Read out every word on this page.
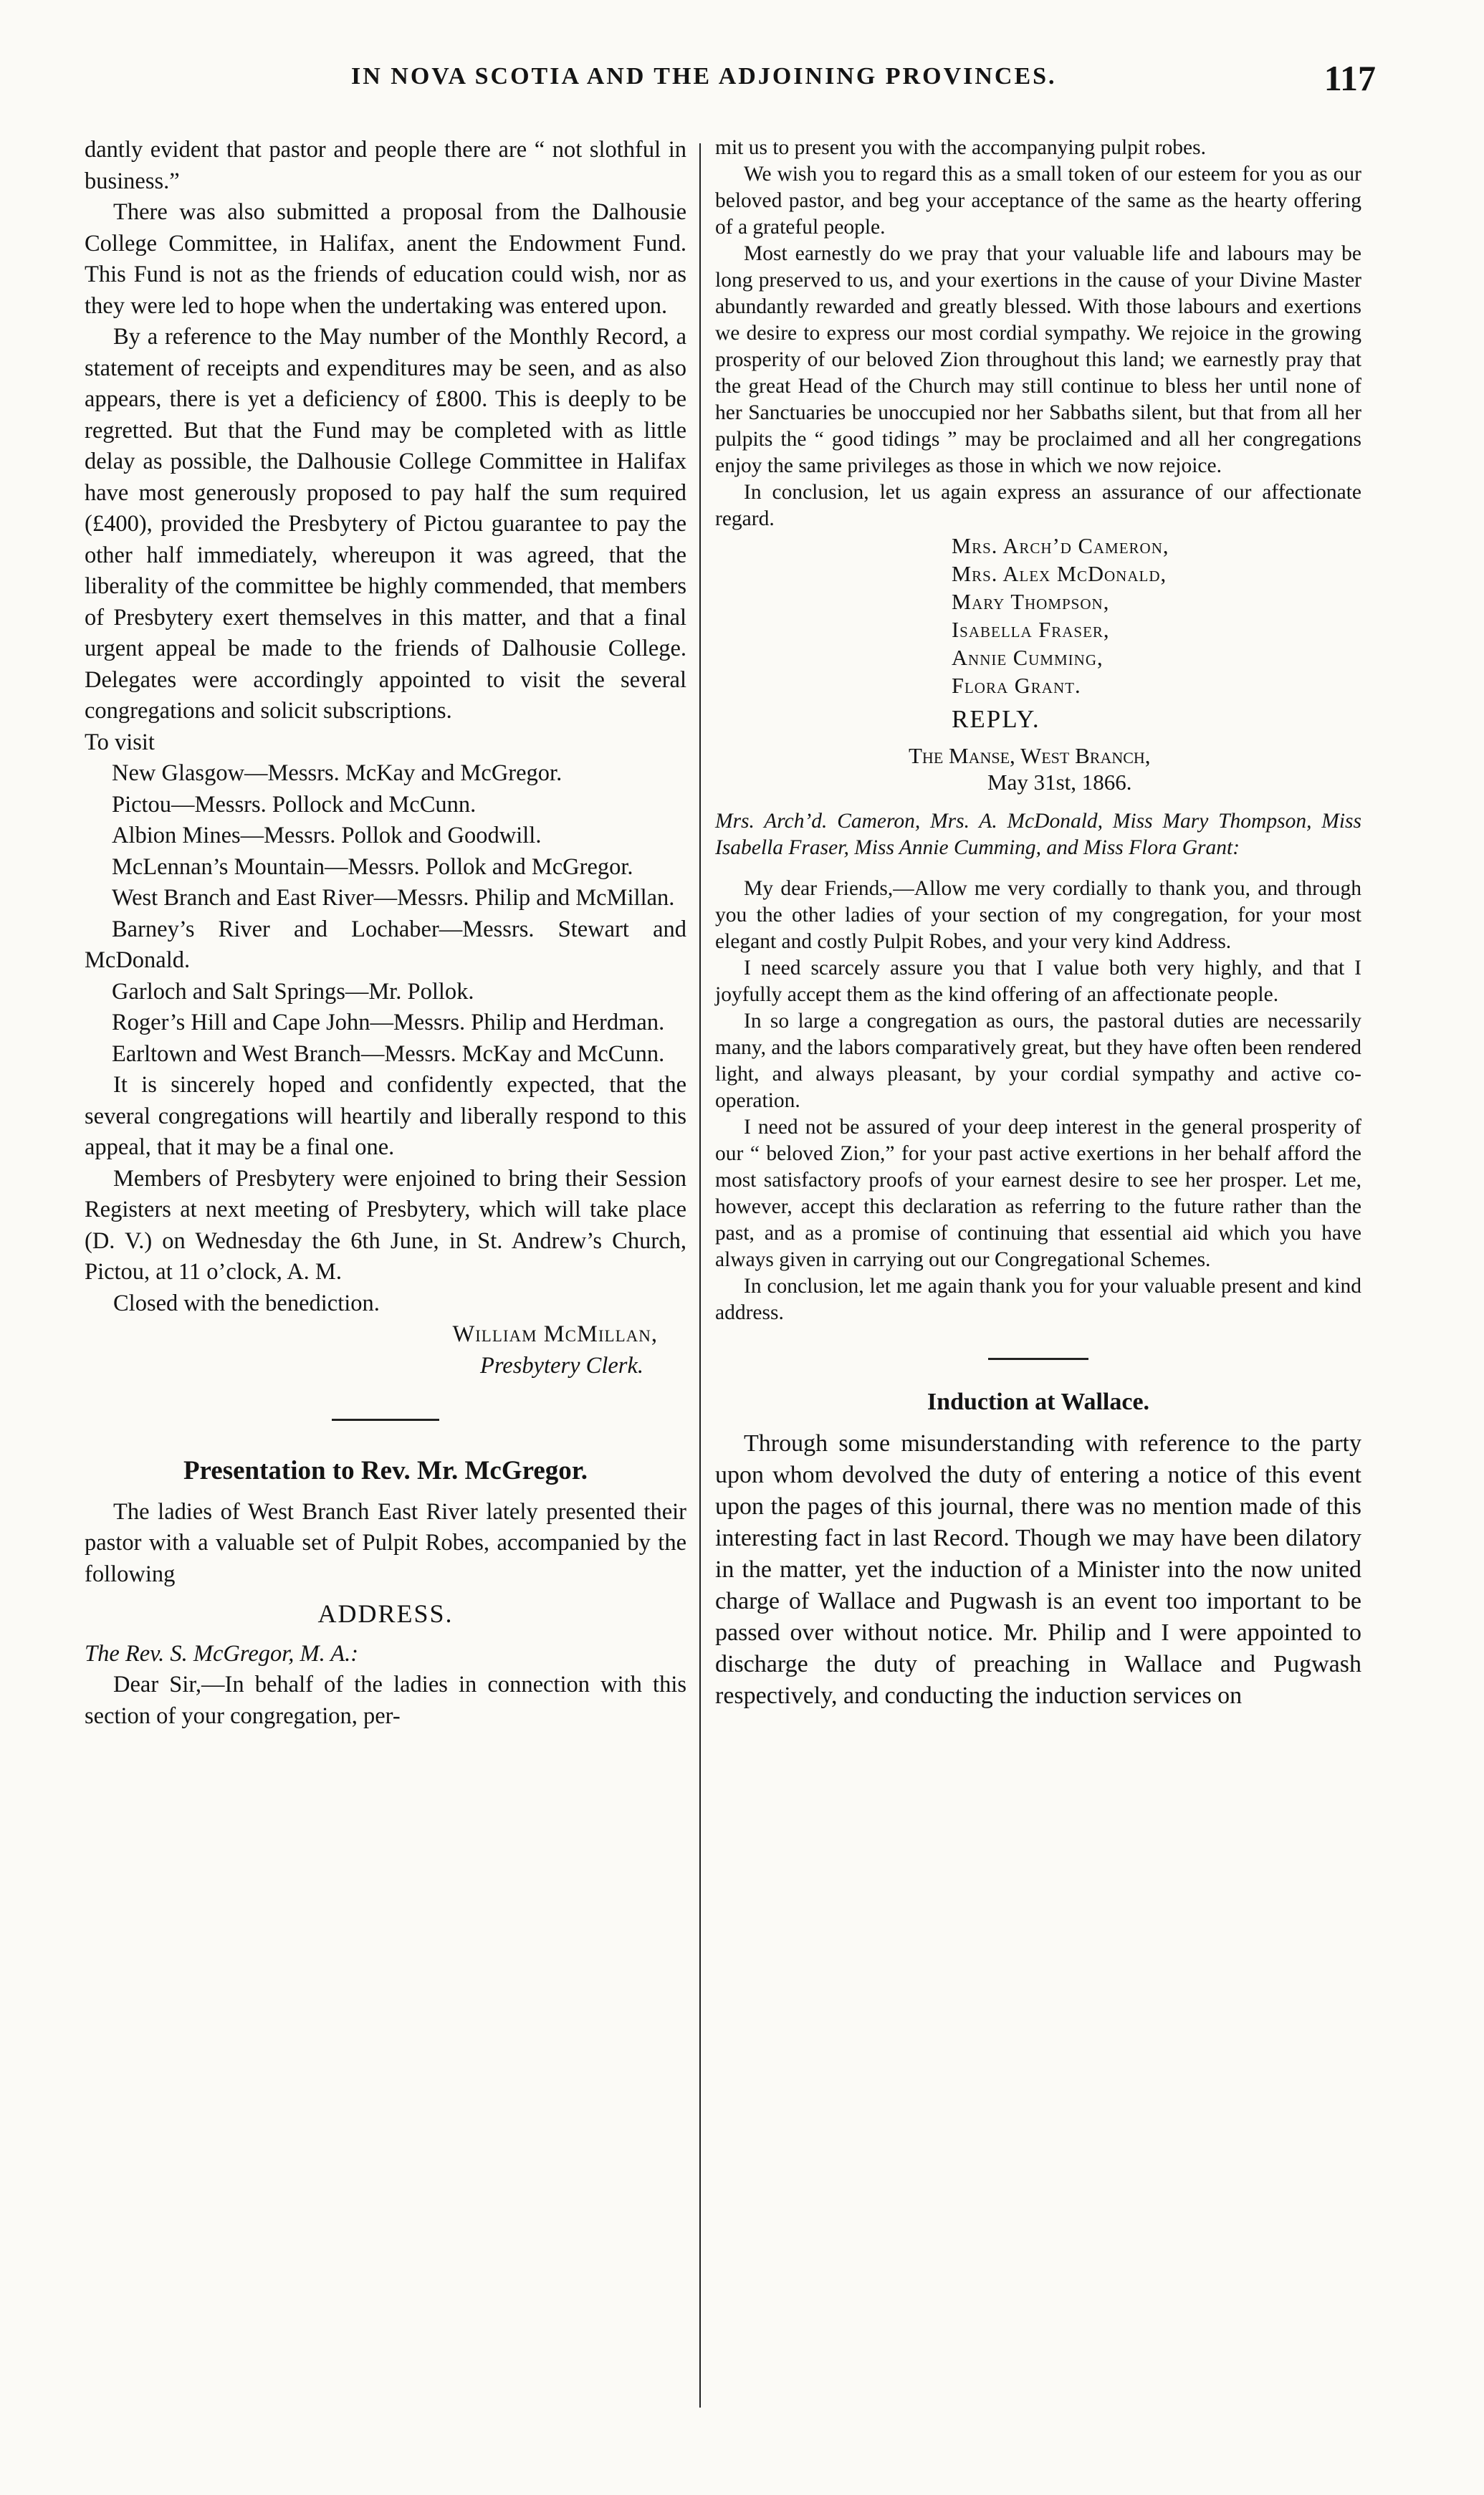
IN NOVA SCOTIA AND THE ADJOINING PROVINCES.	117

dantly evident that pastor and people there are “ not slothful in business.”

There was also submitted a proposal from the Dalhousie College Committee, in Halifax, anent the Endowment Fund. This Fund is not as the friends of education could wish, nor as they were led to hope when the undertaking was entered upon.

By a reference to the May number of the Monthly Record, a statement of receipts and expenditures may be seen, and as also appears, there is yet a deficiency of £800. This is deeply to be regretted. But that the Fund may be completed with as little delay as possible, the Dalhousie College Committee in Halifax have most generously proposed to pay half the sum required (£400), provided the Presbytery of Pictou guarantee to pay the other half immediately, whereupon it was agreed, that the liberality of the committee be highly commended, that members of Presbytery exert themselves in this matter, and that a final urgent appeal be made to the friends of Dalhousie College. Delegates were accordingly appointed to visit the several congregations and solicit subscriptions.

To visit

New Glasgow—Messrs. McKay and McGregor.

Pictou—Messrs. Pollock and McCunn.

Albion Mines—Messrs. Pollok and Goodwill.

McLennan’s Mountain—Messrs. Pollok and McGregor.

West Branch and East River—Messrs. Philip and McMillan.

Barney’s River and Lochaber—Messrs. Stewart and McDonald.

Garloch and Salt Springs—Mr. Pollok.

Roger’s Hill and Cape John—Messrs. Philip and Herdman.

Earltown and West Branch—Messrs. McKay and McCunn.

It is sincerely hoped and confidently expected, that the several congregations will heartily and liberally respond to this appeal, that it may be a final one.

Members of Presbytery were enjoined to bring their Session Registers at next meeting of Presbytery, which will take place (D. V.) on Wednesday the 6th June, in St. Andrew’s Church, Pictou, at 11 o’clock, A. M.

Closed with the benediction.

William McMillan,

Presbytery Clerk.

Presentation to Rev. Mr. McGregor.

The ladies of West Branch East River lately presented their pastor with a valuable set of Pulpit Robes, accompanied by the following

ADDRESS.

The Rev. S. McGregor, M. A.:

Dear Sir,—In behalf of the ladies in connection with this section of your congregation, per-

mit us to present you with the accompanying pulpit robes.

We wish you to regard this as a small token of our esteem for you as our beloved pastor, and beg your acceptance of the same as the hearty offering of a grateful people.

Most earnestly do we pray that your valuable life and labours may be long preserved to us, and your exertions in the cause of your Divine Master abundantly rewarded and greatly blessed. With those labours and exertions we desire to express our most cordial sympathy. We rejoice in the growing prosperity of our beloved Zion throughout this land; we earnestly pray that the great Head of the Church may still continue to bless her until none of her Sanctuaries be unoccupied nor her Sabbaths silent, but that from all her pulpits the “ good tidings ” may be proclaimed and all her congregations enjoy the same privileges as those in which we now rejoice.

In conclusion, let us again express an assurance of our affectionate regard.

Mrs. Arch’d Cameron,
Mrs. Alex McDonald,
Mary Thompson,
Isabella Fraser,
Annie Cumming,
Flora Grant.
REPLY.
The Manse, West Branch,
May 31st, 1866.

Mrs. Arch’d. Cameron, Mrs. A. McDonald, Miss Mary Thompson, Miss Isabella Fraser, Miss Annie Cumming, and Miss Flora Grant:

My dear Friends,—Allow me very cordially to thank you, and through you the other ladies of your section of my congregation, for your most elegant and costly Pulpit Robes, and your very kind Address.

I need scarcely assure you that I value both very highly, and that I joyfully accept them as the kind offering of an affectionate people.

In so large a congregation as ours, the pastoral duties are necessarily many, and the labors comparatively great, but they have often been rendered light, and always pleasant, by your cordial sympathy and active co-operation.

I need not be assured of your deep interest in the general prosperity of our “ beloved Zion,” for your past active exertions in her behalf afford the most satisfactory proofs of your earnest desire to see her prosper. Let me, however, accept this declaration as referring to the future rather than the past, and as a promise of continuing that essential aid which you have always given in carrying out our Congregational Schemes.

In conclusion, let me again thank you for your valuable present and kind address.

Induction at Wallace.

Through some misunderstanding with reference to the party upon whom devolved the duty of entering a notice of this event upon the pages of this journal, there was no mention made of this interesting fact in last Record. Though we may have been dilatory in the matter, yet the induction of a Minister into the now united charge of Wallace and Pugwash is an event too important to be passed over without notice. Mr. Philip and I were appointed to discharge the duty of preaching in Wallace and Pugwash respectively, and conducting the induction services on
